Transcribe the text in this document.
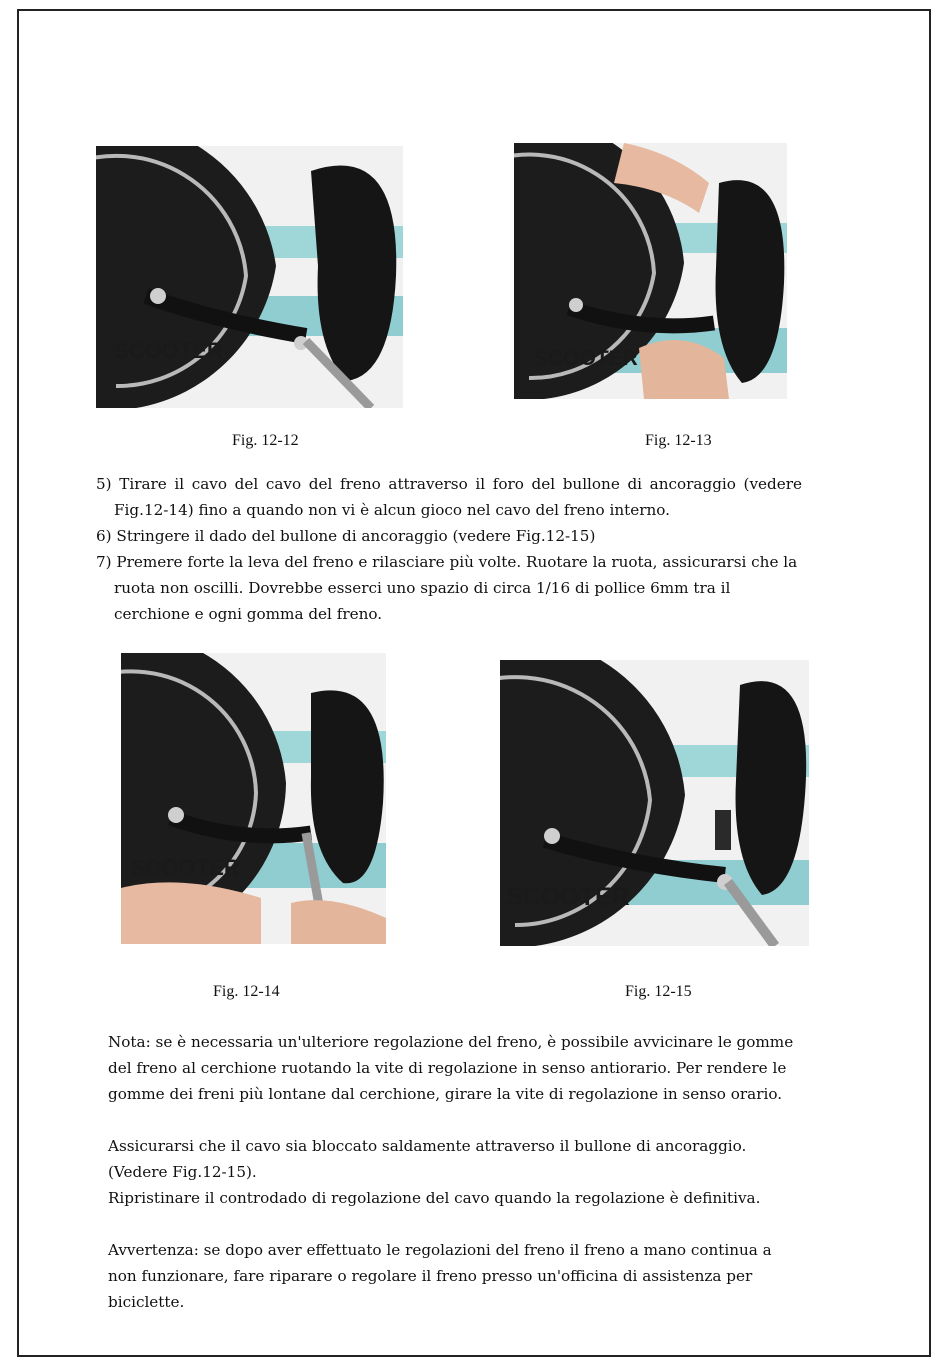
SCOOTER	SCOOTER
Fig. 12-12	Fig. 12-13

5) Tirare il cavo del cavo del freno attraverso il foro del bullone di ancoraggio (vedere Fig.12-14) fino a quando non vi è alcun gioco nel cavo del freno interno.

6) Stringere il dado del bullone di ancoraggio (vedere Fig.12-15)

7) Premere forte la leva del freno e rilasciare più volte. Ruotare la ruota, assicurarsi che la ruota non oscilli. Dovrebbe esserci uno spazio di circa 1/16 di pollice 6mm tra il cerchione e ogni gomma del freno.

SCOOTER
SCOOTER
Fig. 12-14	Fig. 12-15

Nota: se è necessaria un'ulteriore regolazione del freno, è possibile avvicinare le gomme del freno al cerchione ruotando la vite di regolazione in senso antiorario. Per rendere le gomme dei freni più lontane dal cerchione, girare la vite di regolazione in senso orario.

Assicurarsi che il cavo sia bloccato saldamente attraverso il bullone di ancoraggio. (Vedere Fig.12-15).

Ripristinare il controdado di regolazione del cavo quando la regolazione è definitiva.

Avvertenza: se dopo aver effettuato le regolazioni del freno il freno a mano continua a non funzionare, fare riparare o regolare il freno presso un'officina di assistenza per biciclette.
